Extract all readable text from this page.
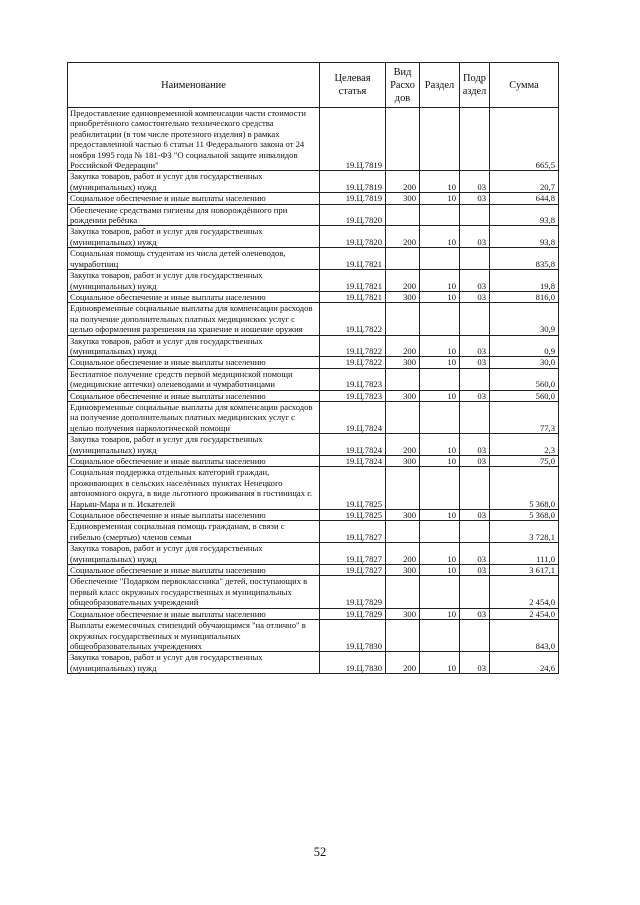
Наименование	Целевая статья	Вид Расхо дов	Раздел	Подр аздел	Сумма
Предоставление единовременной компенсации части стоимости приобретённого самостоятельно технического средства реабилитации (в том числе протезного изделия) в рамках предоставленной частью 6 статьи 11 Федерального закона от 24 ноября 1995 года № 181-ФЗ "О социальной защите инвалидов Российской Федерации"	19.Ц.7819				665,5
Закупка товаров, работ и услуг для государственных (муниципальных) нужд	19.Ц.7819	200	10	03	20,7
Социальное обеспечение и иные выплаты населению	19.Ц.7819	300	10	03	644,8
Обеспечение средствами гигиены для новорождённого при рождении ребёнка	19.Ц.7820				93,8
Закупка товаров, работ и услуг для государственных (муниципальных) нужд	19.Ц.7820	200	10	03	93,8
Социальная помощь студентам из числа детей оленеводов, чумработниц	19.Ц.7821				835,8
Закупка товаров, работ и услуг для государственных (муниципальных) нужд	19.Ц.7821	200	10	03	19,8
Социальное обеспечение и иные выплаты населению	19.Ц.7821	300	10	03	816,0
Единовременные социальные выплаты для компенсации расходов на получение дополнительных платных медицинских услуг с целью оформления разрешения на хранение и ношение оружия	19.Ц.7822				30,9
Закупка товаров, работ и услуг для государственных (муниципальных) нужд	19.Ц.7822	200	10	03	0,9
Социальное обеспечение и иные выплаты населению	19.Ц.7822	300	10	03	30,0
Бесплатное получение средств первой медицинской помощи (медицинские аптечки) оленеводами и чумработницами	19.Ц.7823				560,0
Социальное обеспечение и иные выплаты населению	19.Ц.7823	300	10	03	560,0
Единовременные социальные выплаты для компенсации расходов на получение дополнительных платных медицинских услуг с целью получения наркологической помощи	19.Ц.7824				77,3
Закупка товаров, работ и услуг для государственных (муниципальных) нужд	19.Ц.7824	200	10	03	2,3
Социальное обеспечение и иные выплаты населению	19.Ц.7824	300	10	03	75,0
Социальная поддержка отдельных категорий граждан, проживающих в сельских населённых пунктах Ненецкого автономного округа, в виде льготного проживания в гостиницах г. Нарьян-Мара и п. Искателей	19.Ц.7825				5 368,0
Социальное обеспечение и иные выплаты населению	19.Ц.7825	300	10	03	5 368,0
Единовременная социальная помощь гражданам, в связи с гибелью (смертью) членов семьи	19.Ц.7827				3 728,1
Закупка товаров, работ и услуг для государственных (муниципальных) нужд	19.Ц.7827	200	10	03	111,0
Социальное обеспечение и иные выплаты населению	19.Ц.7827	300	10	03	3 617,1
Обеспечение "Подарком первоклассника" детей, поступающих в первый класс окружных государственных и муниципальных общеобразовательных учреждений	19.Ц.7829				2 454,0
Социальное обеспечение и иные выплаты населению	19.Ц.7829	300	10	03	2 454,0
Выплаты ежемесячных стипендий обучающимся "на отлично" в окружных государственных и муниципальных общеобразовательных учреждениях	19.Ц.7830				843,0
Закупка товаров, работ и услуг для государственных (муниципальных) нужд	19.Ц.7830	200	10	03	24,6
52
